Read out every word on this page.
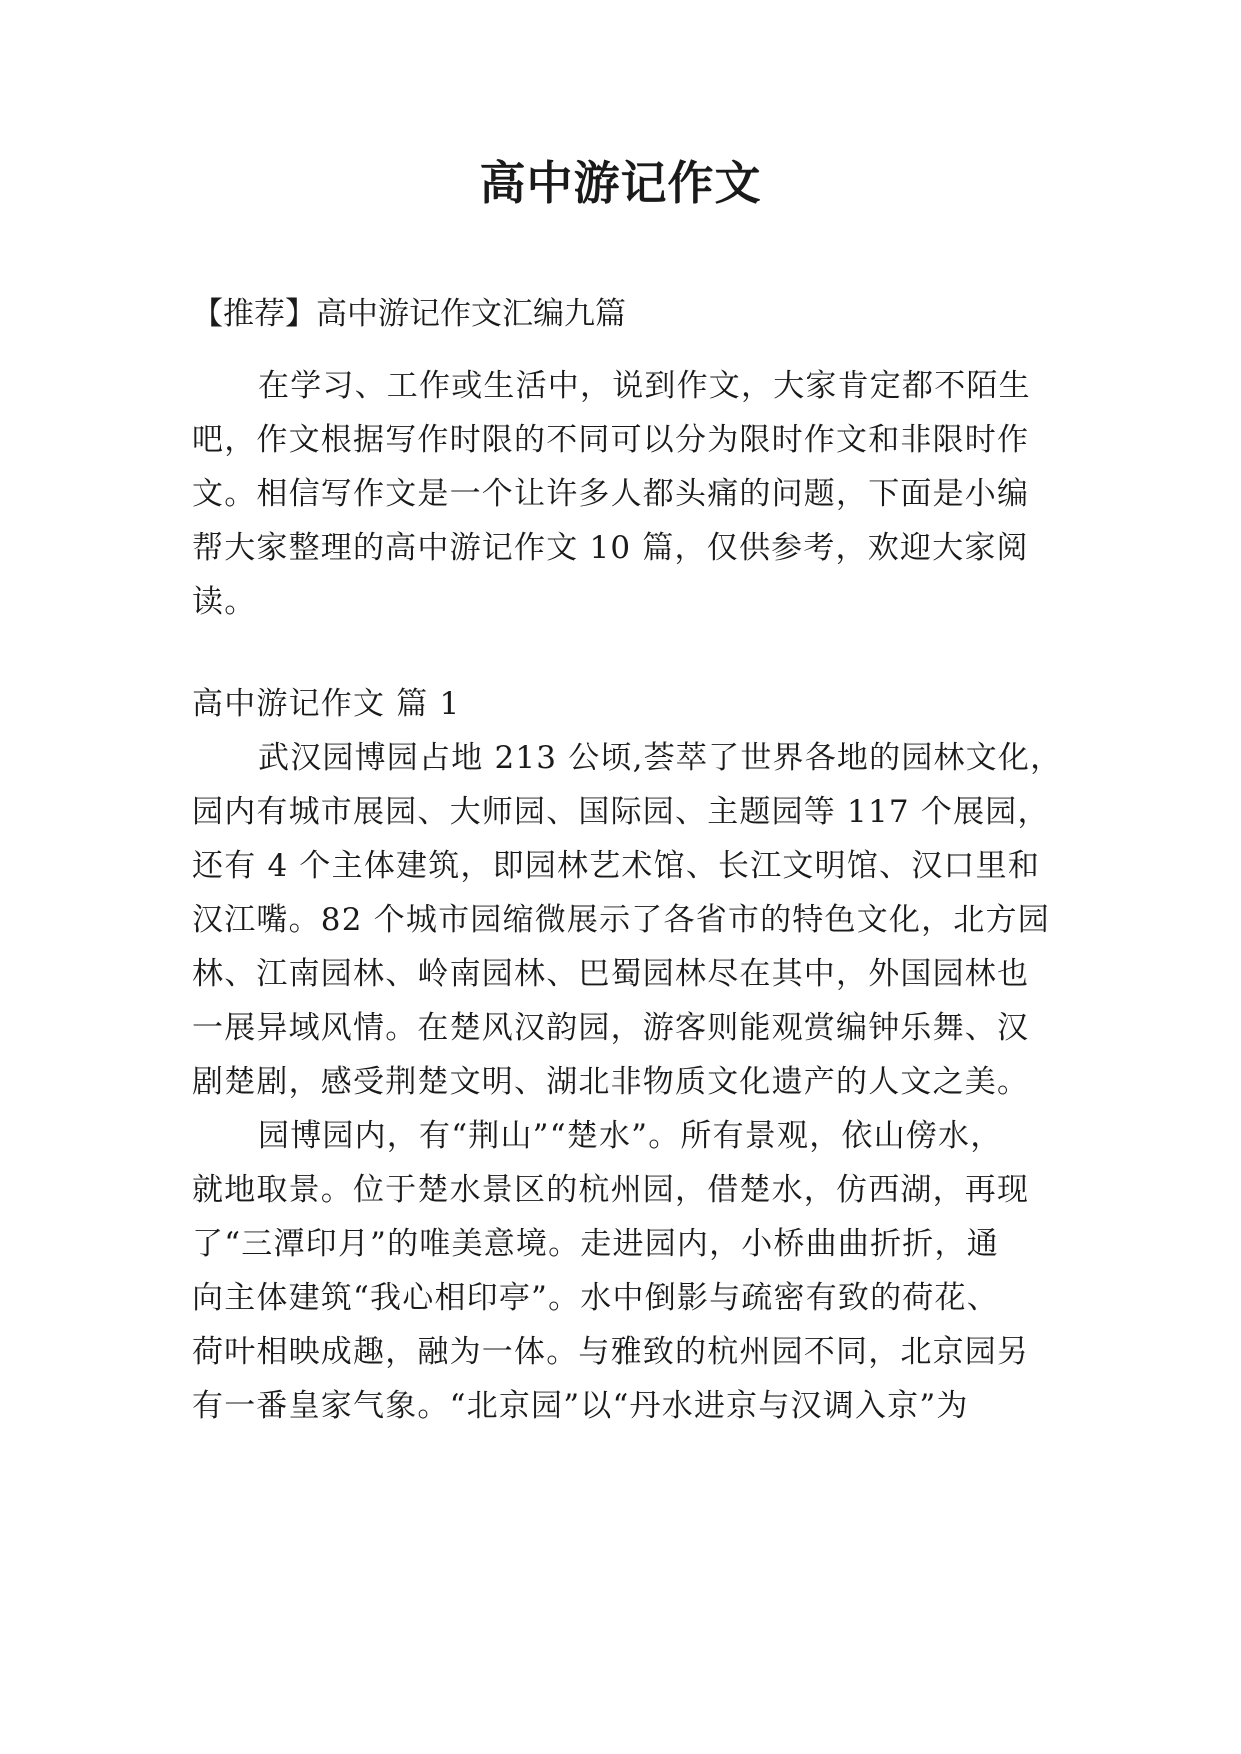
高中游记作文

【推荐】高中游记作文汇编九篇

在学习、工作或生活中，说到作文，大家肯定都不陌生

吧，作文根据写作时限的不同可以分为限时作文和非限时作

文。相信写作文是一个让许多人都头痛的问题，下面是小编

帮大家整理的高中游记作文 10 篇，仅供参考，欢迎大家阅

读。

高中游记作文 篇 1

武汉园博园占地 213 公顷,荟萃了世界各地的园林文化，

园内有城市展园、大师园、国际园、主题园等 117 个展园，

还有 4 个主体建筑，即园林艺术馆、长江文明馆、汉口里和

汉江嘴。82 个城市园缩微展示了各省市的特色文化，北方园

林、江南园林、岭南园林、巴蜀园林尽在其中，外国园林也

一展异域风情。在楚风汉韵园，游客则能观赏编钟乐舞、汉

剧楚剧，感受荆楚文明、湖北非物质文化遗产的人文之美。

园博园内，有“荆山”“楚水”。所有景观，依山傍水，

就地取景。位于楚水景区的杭州园，借楚水，仿西湖，再现

了“三潭印月”的唯美意境。走进园内，小桥曲曲折折，通

向主体建筑“我心相印亭”。水中倒影与疏密有致的荷花、

荷叶相映成趣，融为一体。与雅致的杭州园不同，北京园另

有一番皇家气象。“北京园”以“丹水进京与汉调入京”为
